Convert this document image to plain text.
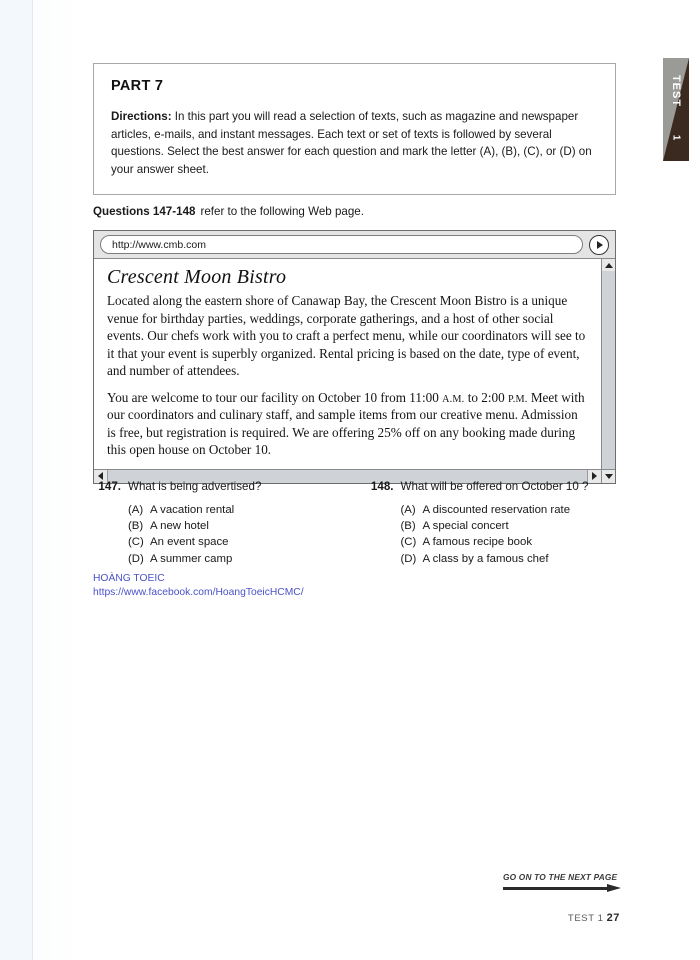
TEST
1
PART 7
Directions: In this part you will read a selection of texts, such as magazine and newspaper articles, e-mails, and instant messages. Each text or set of texts is followed by several questions. Select the best answer for each question and mark the letter (A), (B), (C), or (D) on your answer sheet.
Questions 147-148 refer to the following Web page.
http://www.cmb.com
Crescent Moon Bistro

Located along the eastern shore of Canawap Bay, the Crescent Moon Bistro is a unique venue for birthday parties, weddings, corporate gatherings, and a host of other social events. Our chefs work with you to craft a perfect menu, while our coordinators will see to it that your event is superbly organized. Rental pricing is based on the date, type of event, and number of attendees.

You are welcome to tour our facility on October 10 from 11:00 A.M. to 2:00 P.M. Meet with our coordinators and culinary staff, and sample items from our creative menu. Admission is free, but registration is required. We are offering 25% off on any booking made during this open house on October 10.

147. What is being advertised?
(A) A vacation rental
(B) A new hotel
(C) An event space
(D) A summer camp
148. What will be offered on October 10 ?
(A) A discounted reservation rate
(B) A special concert
(C) A famous recipe book
(D) A class by a famous chef
HOÀNG TOEIC
https://www.facebook.com/HoangToeicHCMC/
GO ON TO THE NEXT PAGE
TEST 1 27
